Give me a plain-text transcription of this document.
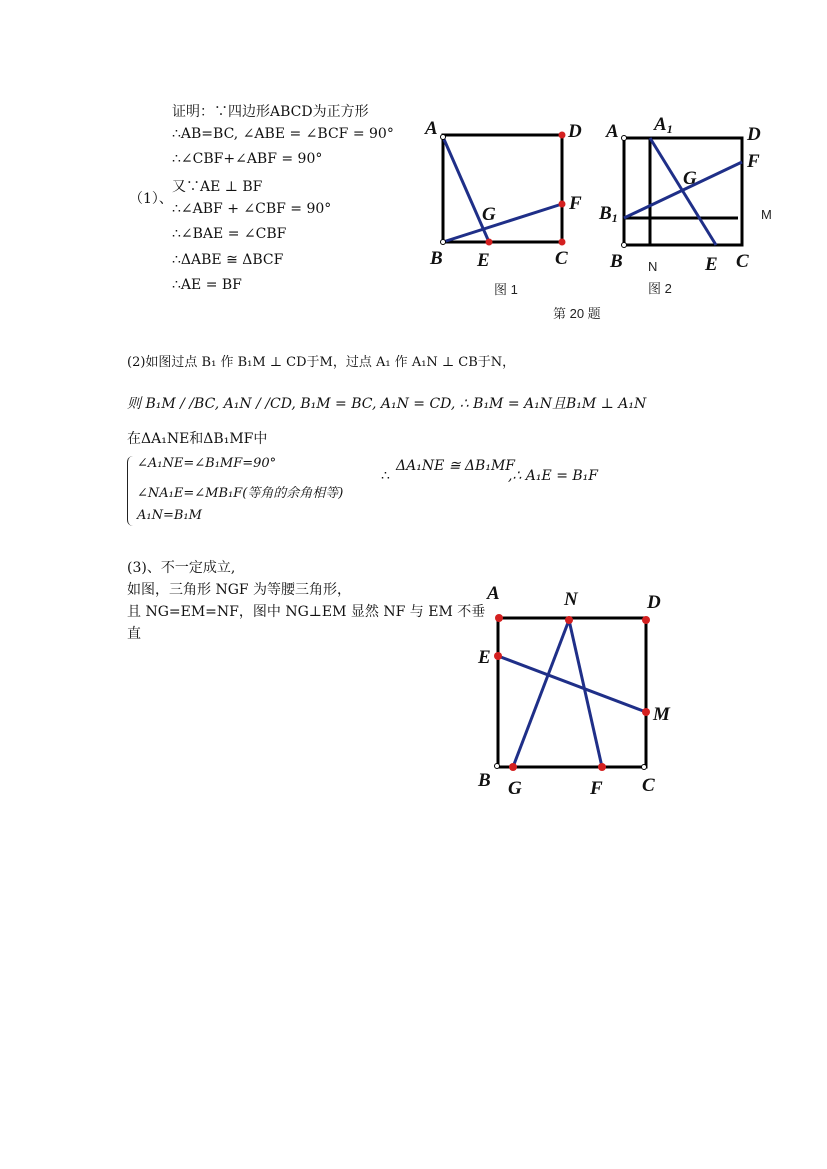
（1）、
证明：∵四边形ABCD为正方形
∴AB=BC, ∠ABE = ∠BCF = 90°
∴∠CBF+∠ABF = 90°
又∵AE ⊥ BF
∴∠ABF + ∠CBF = 90°
∴∠BAE = ∠CBF
∴ΔABE ≅ ΔBCF
∴AE = BF
A	D
F
G
B E	C
图 1
A A1	D
F
G
B1	M
B N	E C
图 2
第 20 题
(2)如图过点 B₁ 作 B₁M ⊥ CD于M，过点 A₁ 作 A₁N ⊥ CB于N，
则 B₁M / /BC, A₁N / /CD, B₁M = BC, A₁N = CD, ∴ B₁M = A₁N且B₁M ⊥ A₁N
在ΔA₁NE和ΔB₁MF中
∠A₁NE=∠B₁MF=90°
∠NA₁E=∠MB₁F(等角的余角相等)
A₁N=B₁M
∴
ΔA₁NE ≅ ΔB₁MF
,∴ A₁E = B₁F
(3)、不一定成立,
如图，三角形 NGF 为等腰三角形，
且 NG=EM=NF，图中 NG⊥EM 显然 NF 与 EM 不垂
直
A	N	D
E
M
B G	F C
